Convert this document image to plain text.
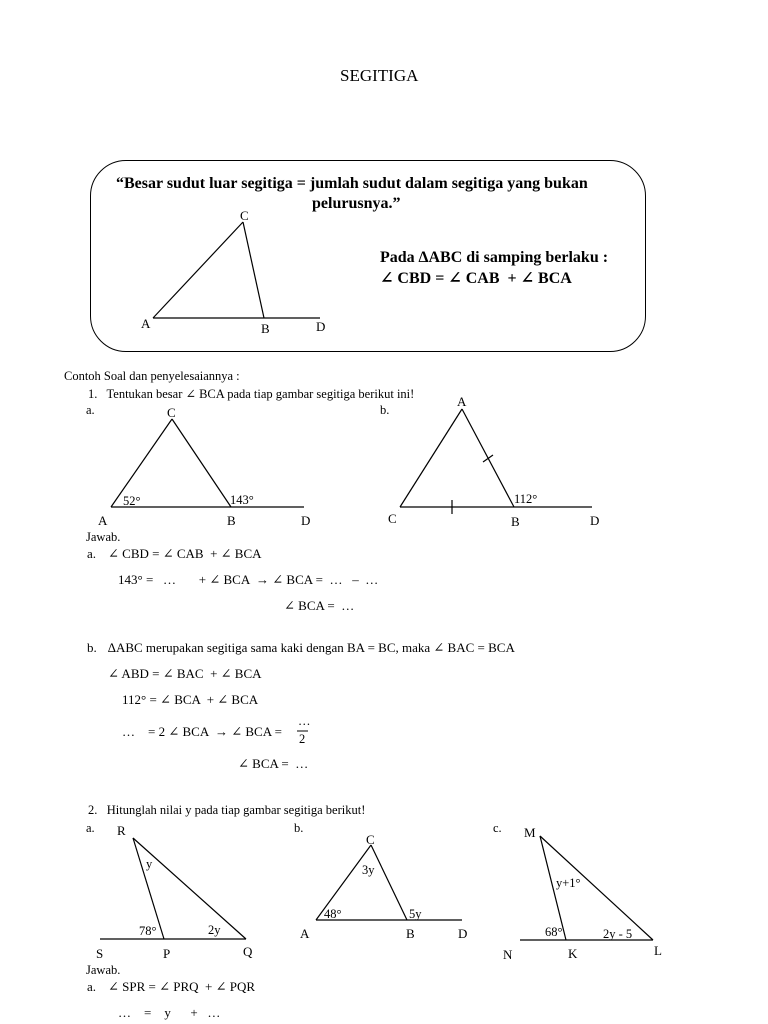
SEGITIGA
“Besar sudut luar segitiga = jumlah sudut dalam segitiga yang bukan
pelurusnya.”
Pada ∆ABC di samping berlaku :
∠ CBD = ∠ CAB  + ∠ BCA
C
A	B	D
Contoh Soal dan penyelesaiannya :
1.   Tentukan besar ∠ BCA pada tiap gambar segitiga berikut ini!
a.	C
52°	143°
A	B	D
b.
A
112°
C	B	D
Jawab.
a. ∠ CBD = ∠ CAB  + ∠ BCA
143° =   …       + ∠ BCA  → ∠ BCA =  …   –  …
∠ BCA =  …
b. ∆ABC merupakan segitiga sama kaki dengan BA = BC, maka ∠ BAC = BCA
∠ ABD = ∠ BAC  + ∠ BCA
112° = ∠ BCA  + ∠ BCA
…    = 2 ∠ BCA  → ∠ BCA =
…
2
∠ BCA =  …
2.   Hitunglah nilai y pada tiap gambar segitiga berikut!
a. R
y
78°	2y
S	P	Q
b.
C
3y
48°	5y
A	B	D
c. M
y+1°
68°	2y - 5
N	K	L
Jawab.
a. ∠ SPR = ∠ PRQ  + ∠ PQR
…    =    y      +   …
